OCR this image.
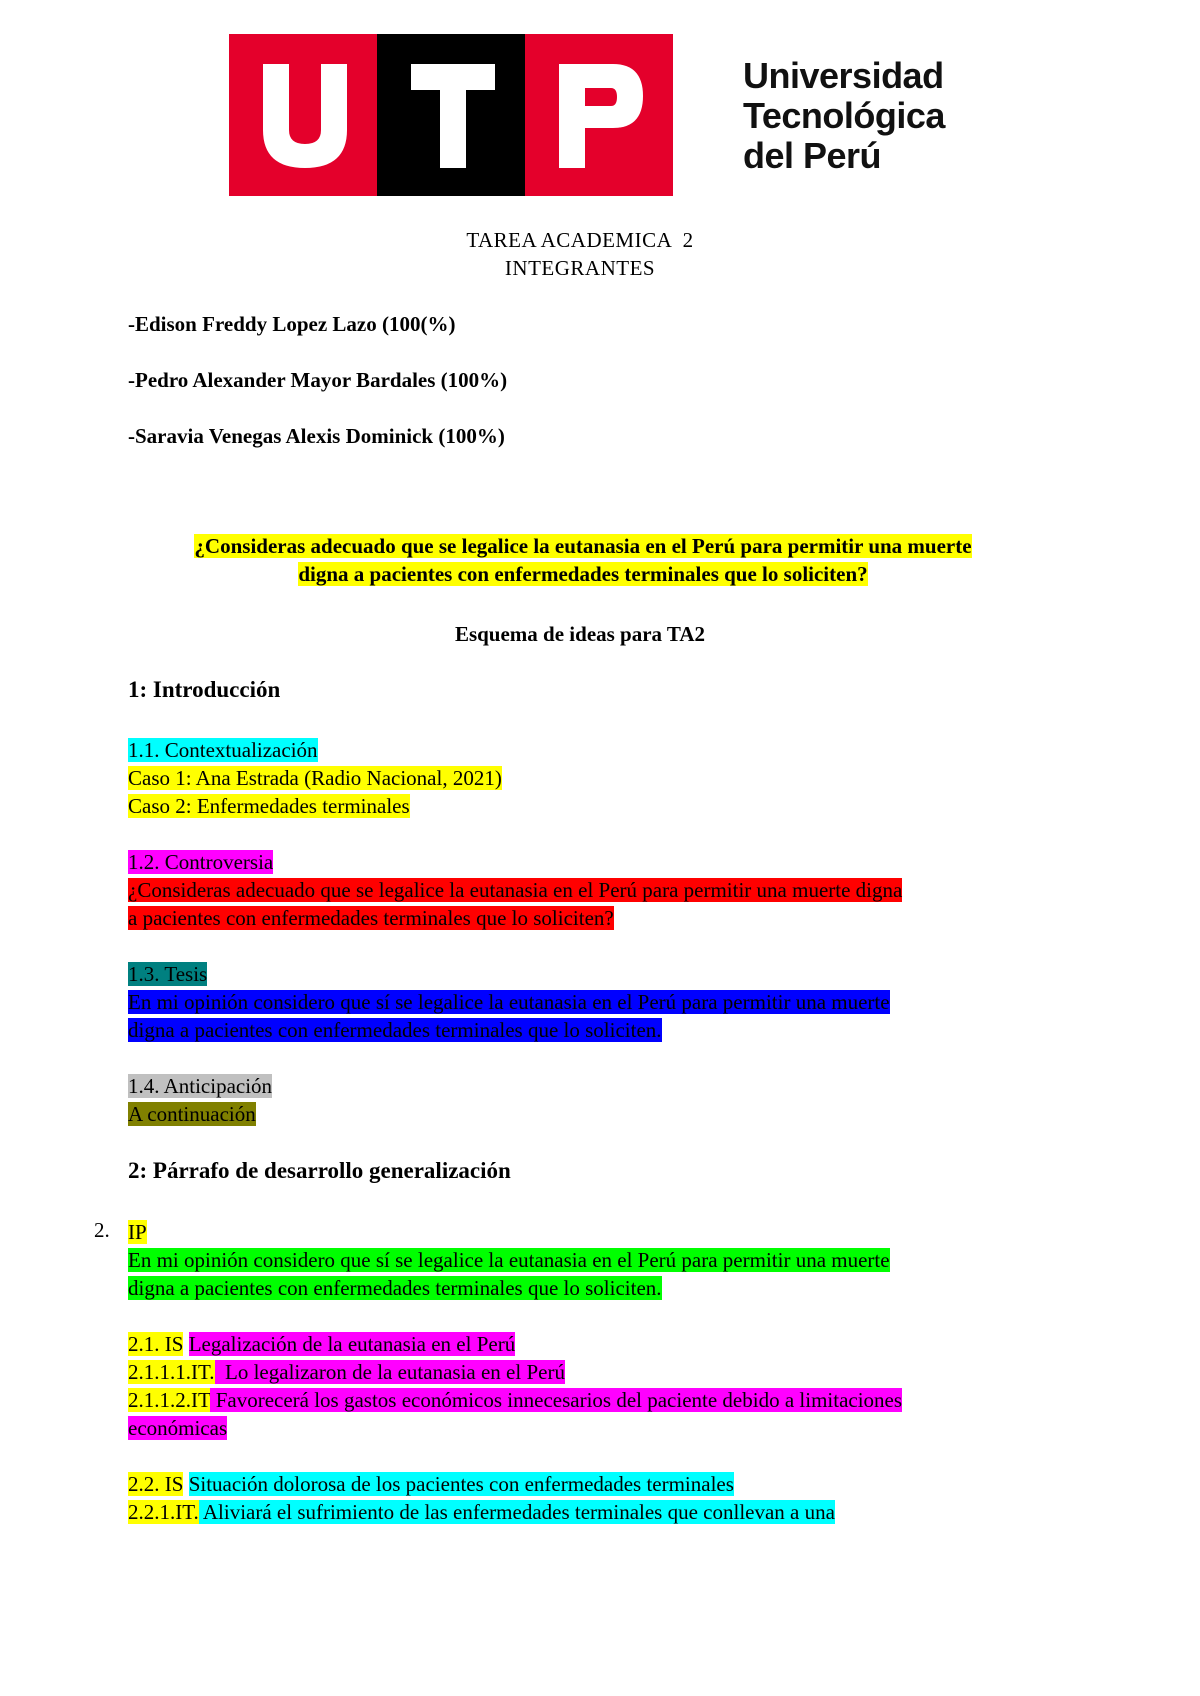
Universidad
Tecnológica
del Perú
TAREA ACADEMICA  2
INTEGRANTES
-Edison Freddy Lopez Lazo (100(%)
-Pedro Alexander Mayor Bardales (100%)
-Saravia Venegas Alexis Dominick (100%)
¿Consideras adecuado que se legalice la eutanasia en el Perú para permitir una muerte
digna a pacientes con enfermedades terminales que lo soliciten?
Esquema de ideas para TA2
1: Introducción
1.1. Contextualización
Caso 1: Ana Estrada (Radio Nacional, 2021)
Caso 2: Enfermedades terminales
1.2. Controversia
¿Consideras adecuado que se legalice la eutanasia en el Perú para permitir una muerte digna
a pacientes con enfermedades terminales que lo soliciten?
1.3. Tesis
En mi opinión considero que sí se legalice la eutanasia en el Perú para permitir una muerte
digna a pacientes con enfermedades terminales que lo soliciten.
1.4. Anticipación
A continuación
2: Párrafo de desarrollo generalización
2. IP
En mi opinión considero que sí se legalice la eutanasia en el Perú para permitir una muerte
digna a pacientes con enfermedades terminales que lo soliciten.
2.1. IS Legalización de la eutanasia en el Perú
2.1.1.1.IT.  Lo legalizaron de la eutanasia en el Perú
2.1.1.2.IT Favorecerá los gastos económicos innecesarios del paciente debido a limitaciones
económicas
2.2. IS Situación dolorosa de los pacientes con enfermedades terminales
2.2.1.IT. Aliviará el sufrimiento de las enfermedades terminales que conllevan a una
